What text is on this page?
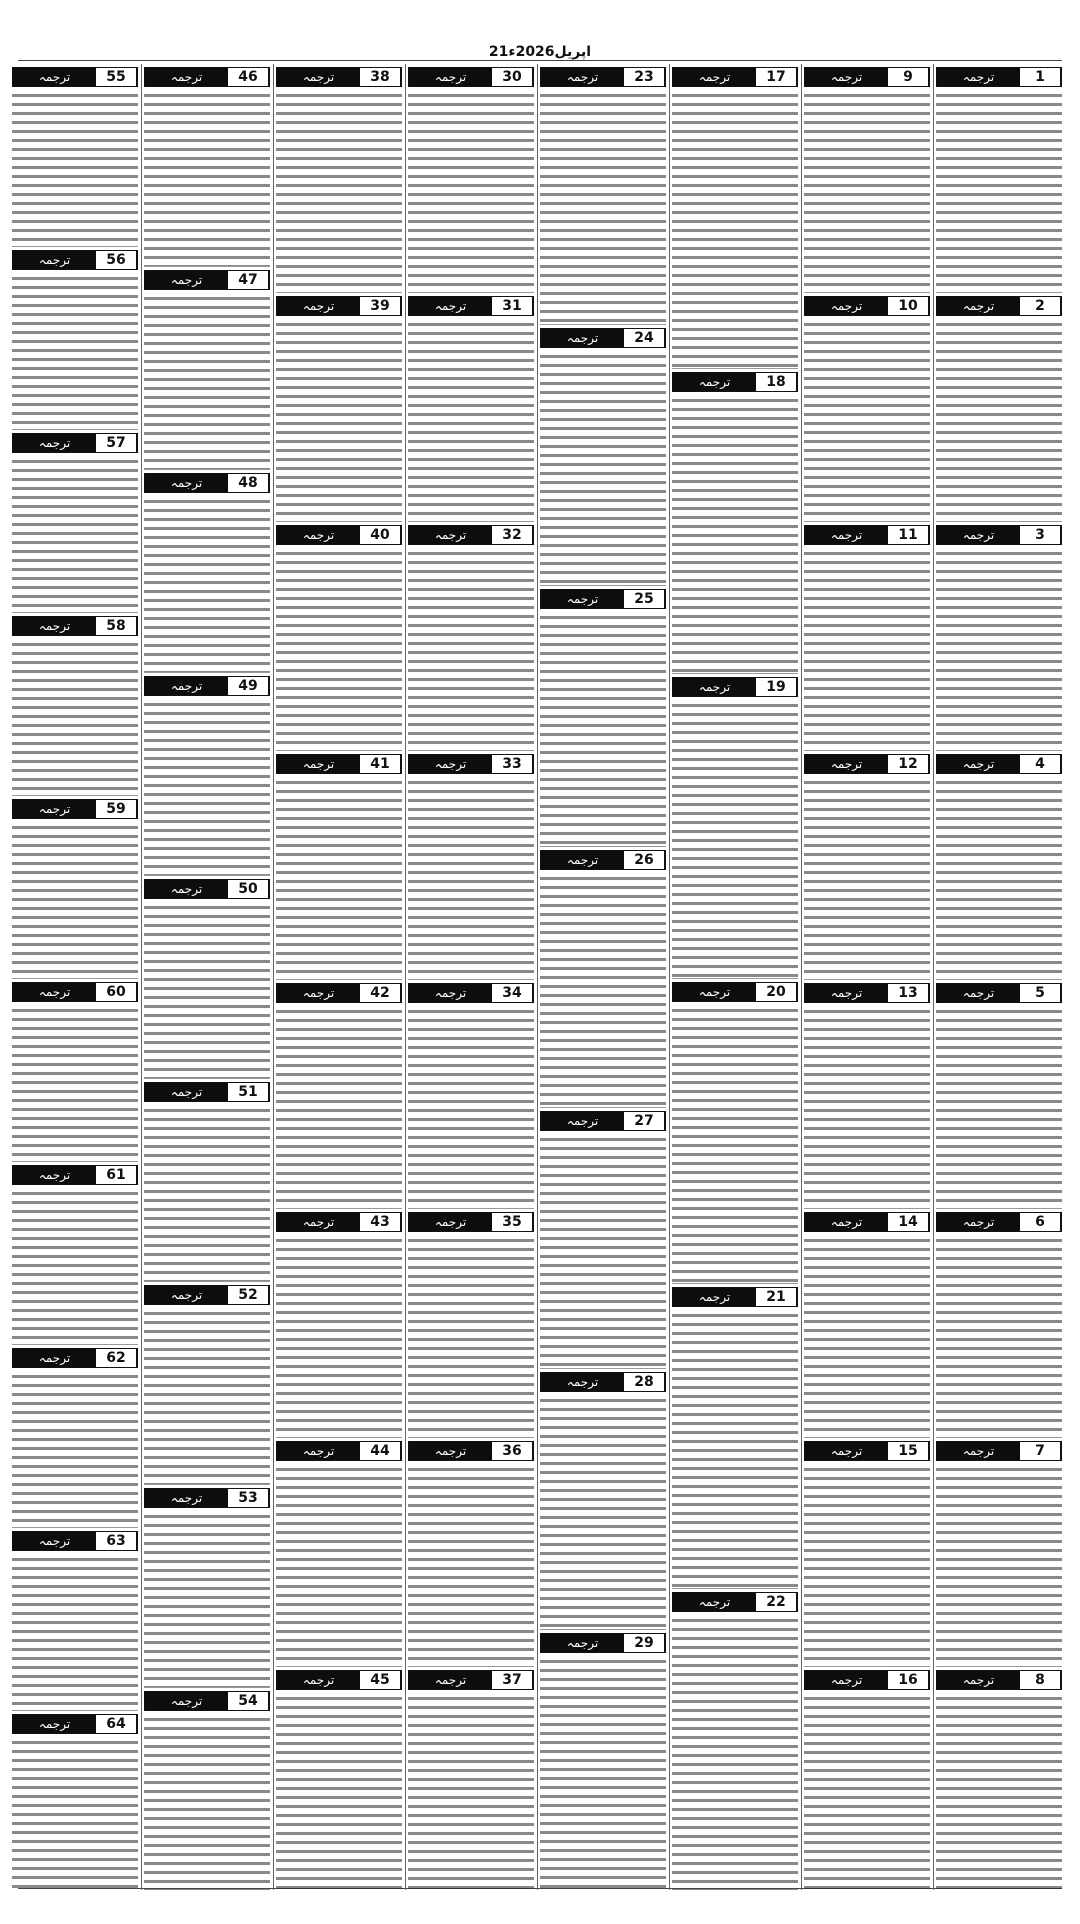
21اپریل2026ء
ترجمہ	1
ترجمہ	2
ترجمہ	3
ترجمہ	4
ترجمہ	5
ترجمہ	6
ترجمہ	7
ترجمہ	8
ترجمہ	9
ترجمہ	10
ترجمہ	11
ترجمہ	12
ترجمہ	13
ترجمہ	14
ترجمہ	15
ترجمہ	16
ترجمہ	17
ترجمہ	18
ترجمہ	19
ترجمہ	20
ترجمہ	21
ترجمہ	22
ترجمہ	23
ترجمہ	24
ترجمہ	25
ترجمہ	26
ترجمہ	27
ترجمہ	28
ترجمہ	29
ترجمہ	30
ترجمہ	31
ترجمہ	32
ترجمہ	33
ترجمہ	34
ترجمہ	35
ترجمہ	36
ترجمہ	37
ترجمہ	38
ترجمہ	39
ترجمہ	40
ترجمہ	41
ترجمہ	42
ترجمہ	43
ترجمہ	44
ترجمہ	45
ترجمہ	46
ترجمہ	47
ترجمہ	48
ترجمہ	49
ترجمہ	50
ترجمہ	51
ترجمہ	52
ترجمہ	53
ترجمہ	54
ترجمہ	55
ترجمہ	56
ترجمہ	57
ترجمہ	58
ترجمہ	59
ترجمہ	60
ترجمہ	61
ترجمہ	62
ترجمہ	63
ترجمہ	64
